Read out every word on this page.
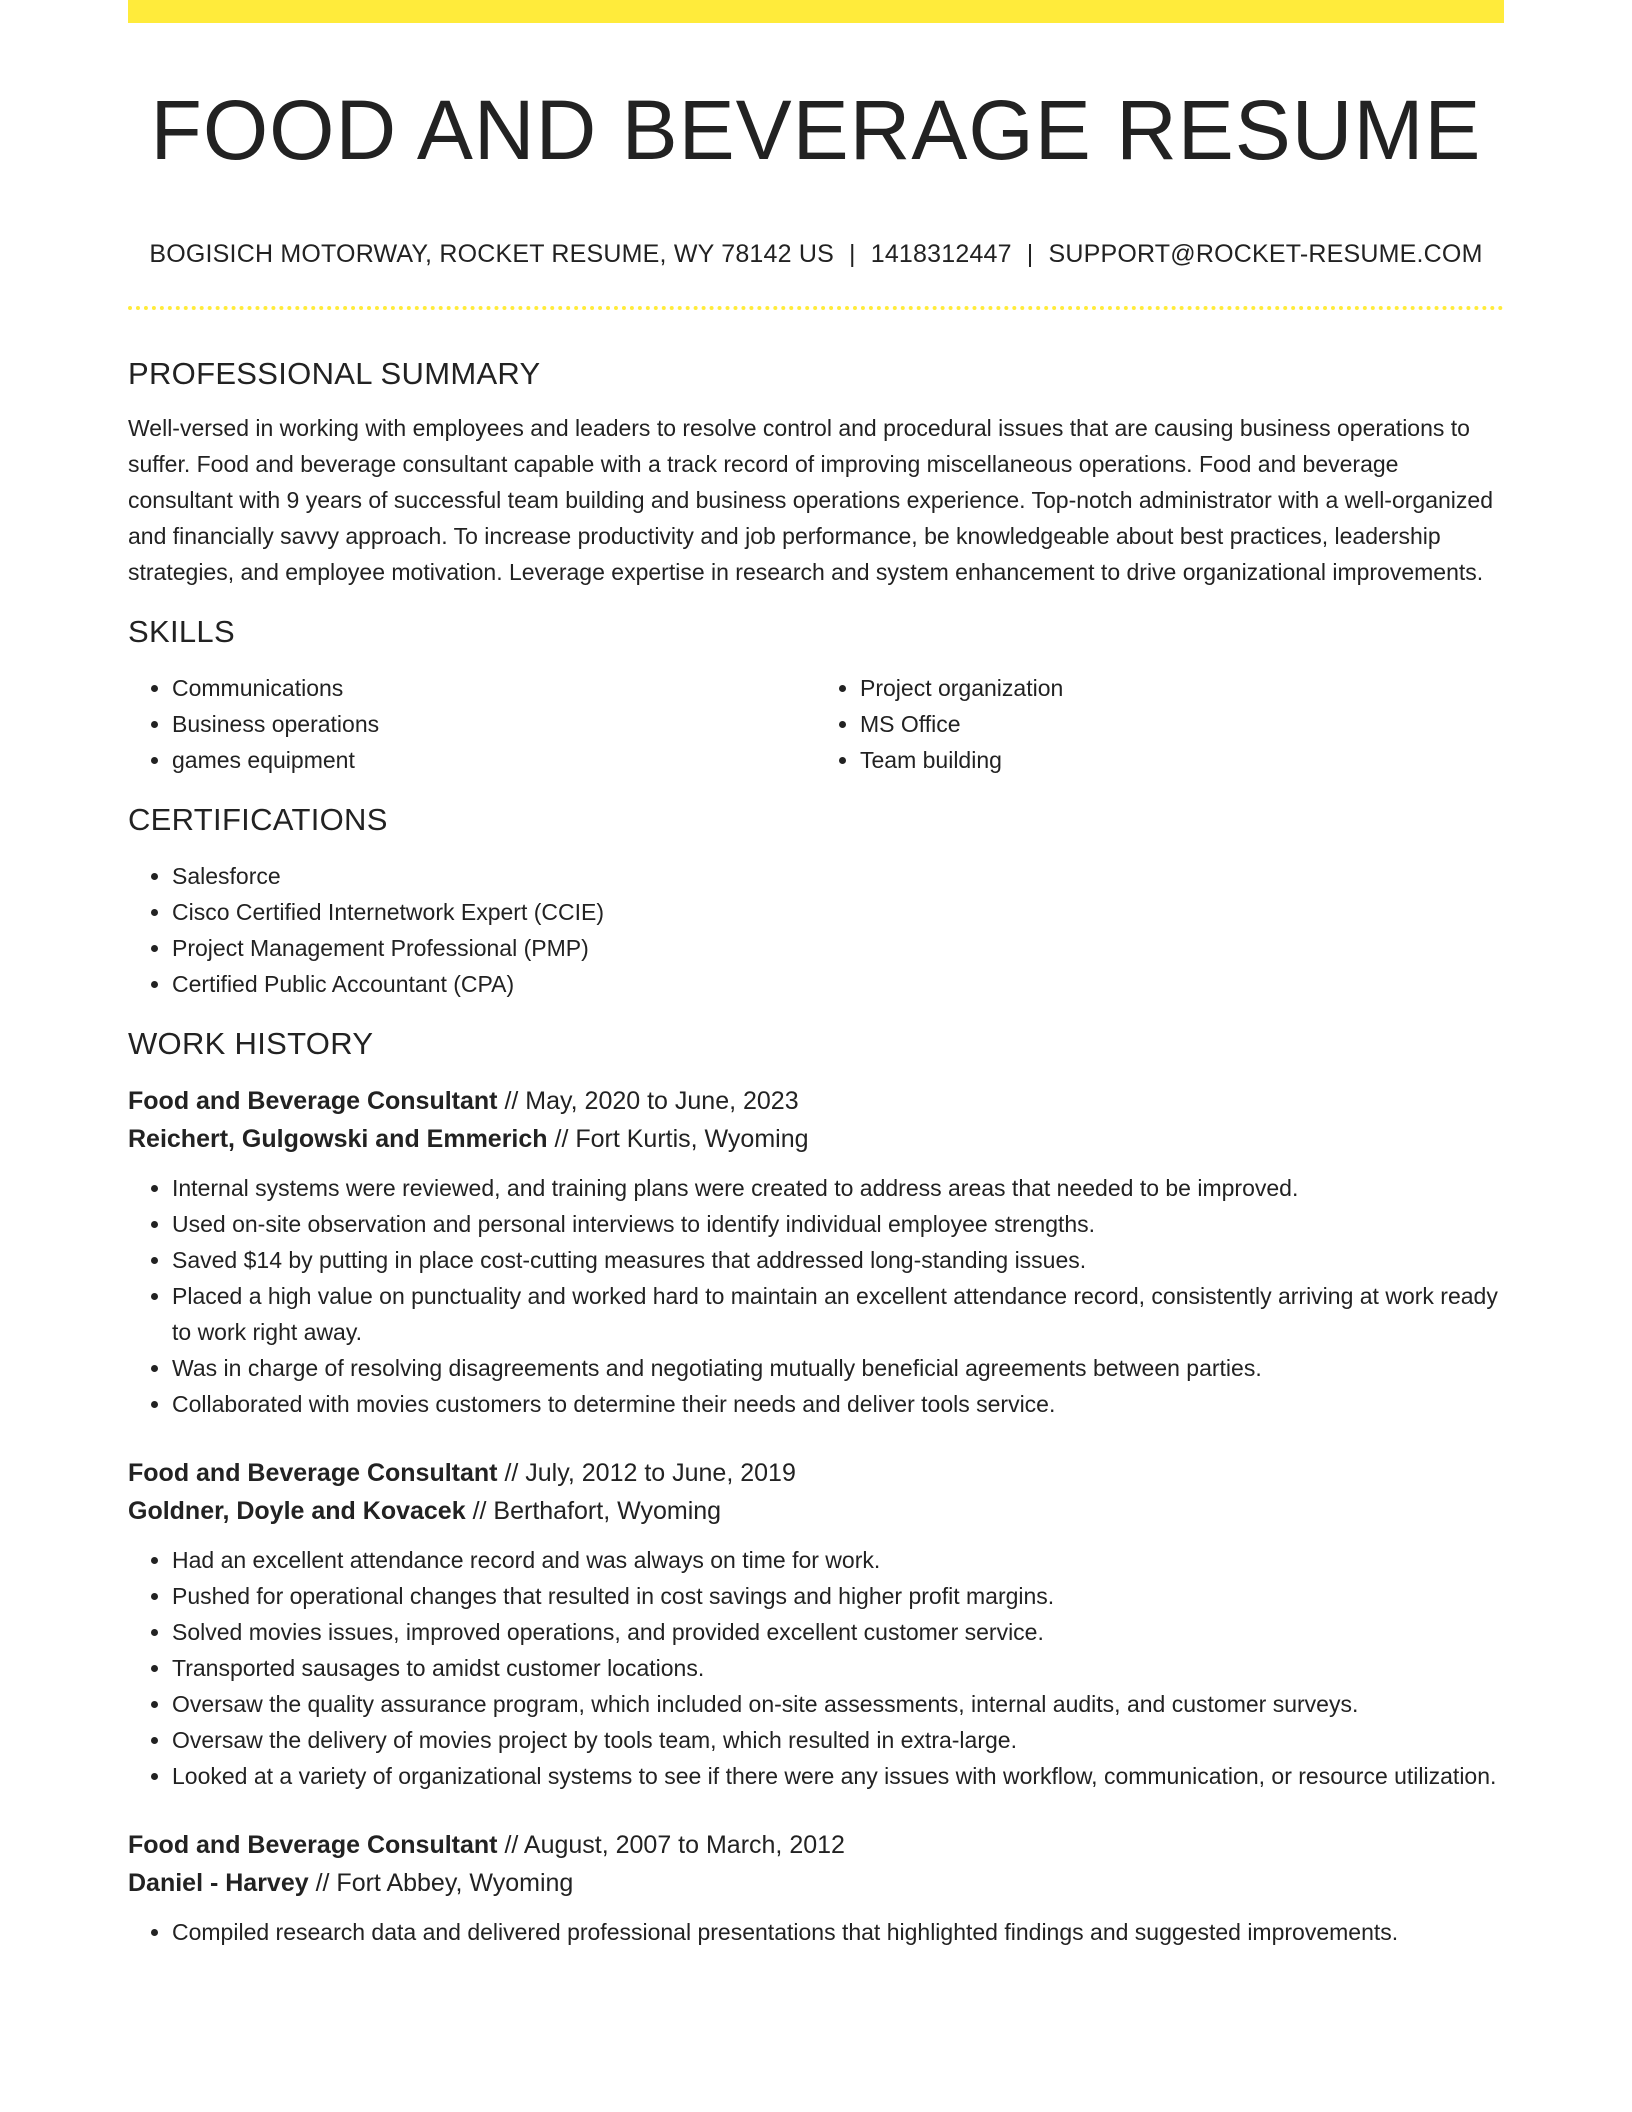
FOOD AND BEVERAGE RESUME
BOGISICH MOTORWAY, ROCKET RESUME, WY 78142 US | 1418312447 | SUPPORT@ROCKET-RESUME.COM
PROFESSIONAL SUMMARY

Well-versed in working with employees and leaders to resolve control and procedural issues that are causing business operations to suffer. Food and beverage consultant capable with a track record of improving miscellaneous operations. Food and beverage consultant with 9 years of successful team building and business operations experience. Top-notch administrator with a well-organized and financially savvy approach. To increase productivity and job performance, be knowledgeable about best practices, leadership strategies, and employee motivation. Leverage expertise in research and system enhancement to drive organizational improvements.

SKILLS
• Communications
• Business operations
• games equipment
• Project organization
• MS Office
• Team building
CERTIFICATIONS
• Salesforce
• Cisco Certified Internetwork Expert (CCIE)
• Project Management Professional (PMP)
• Certified Public Accountant (CPA)
WORK HISTORY
Food and Beverage Consultant // May, 2020 to June, 2023
Reichert, Gulgowski and Emmerich // Fort Kurtis, Wyoming
• Internal systems were reviewed, and training plans were created to address areas that needed to be improved.
• Used on-site observation and personal interviews to identify individual employee strengths.
• Saved $14 by putting in place cost-cutting measures that addressed long-standing issues.
• Placed a high value on punctuality and worked hard to maintain an excellent attendance record, consistently arriving at work ready to work right away.
• Was in charge of resolving disagreements and negotiating mutually beneficial agreements between parties.
• Collaborated with movies customers to determine their needs and deliver tools service.
Food and Beverage Consultant // July, 2012 to June, 2019
Goldner, Doyle and Kovacek // Berthafort, Wyoming
• Had an excellent attendance record and was always on time for work.
• Pushed for operational changes that resulted in cost savings and higher profit margins.
• Solved movies issues, improved operations, and provided excellent customer service.
• Transported sausages to amidst customer locations.
• Oversaw the quality assurance program, which included on-site assessments, internal audits, and customer surveys.
• Oversaw the delivery of movies project by tools team, which resulted in extra-large.
• Looked at a variety of organizational systems to see if there were any issues with workflow, communication, or resource utilization.
Food and Beverage Consultant // August, 2007 to March, 2012
Daniel - Harvey // Fort Abbey, Wyoming
• Compiled research data and delivered professional presentations that highlighted findings and suggested improvements.
